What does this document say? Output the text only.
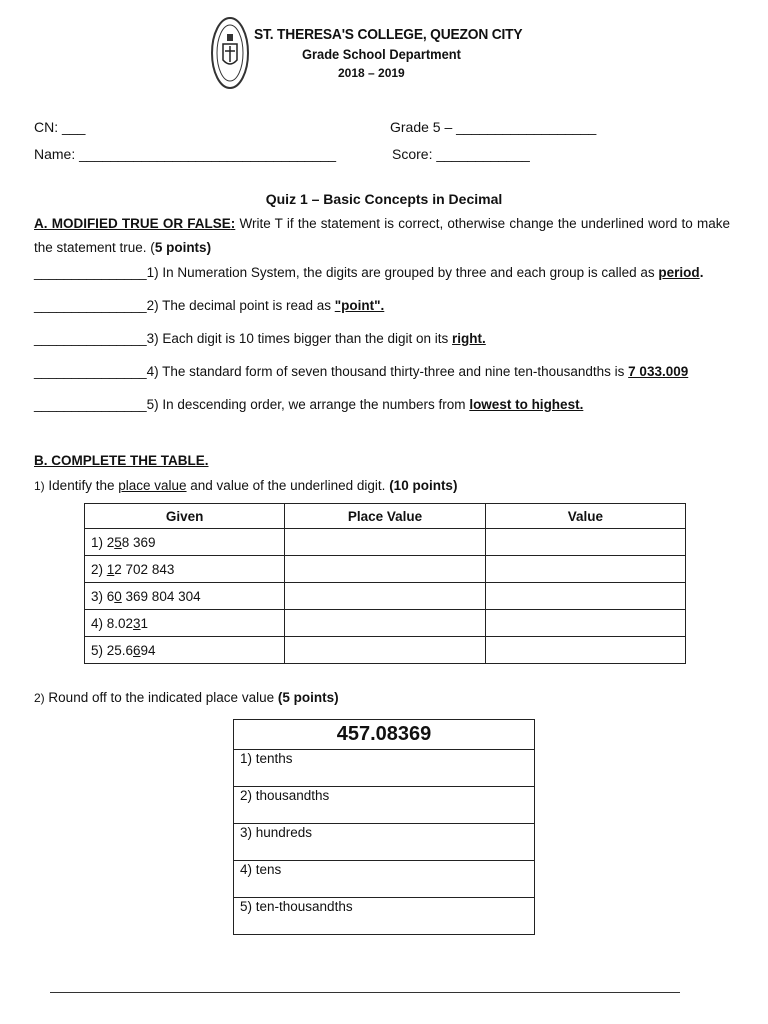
ST. THERESA'S COLLEGE, QUEZON CITY
Grade School Department
2018 – 2019
CN: ___	Grade 5 – __________________
Name: _________________________________	Score: ____________
Quiz 1 – Basic Concepts in Decimal
A. MODIFIED TRUE OR FALSE: Write T if the statement is correct, otherwise change the underlined word to make the statement true. (5 points)
_______________1) In Numeration System, the digits are grouped by three and each group is called as period.
_______________2) The decimal point is read as "point".
_______________3) Each digit is 10 times bigger than the digit on its right.
_______________4) The standard form of seven thousand thirty-three and nine ten-thousandths is 7 033.009
_______________5) In descending order, we arrange the numbers from lowest to highest.
B. COMPLETE THE TABLE.
1) Identify the place value and value of the underlined digit. (10 points)
Given	Place Value	Value
1) 258 369		
2) 12 702 843		
3) 60 369 804 304		
4) 8.0231		
5) 25.6694		
2) Round off to the indicated place value (5 points)
457.08369
1) tenths
2) thousandths
3) hundreds
4) tens
5) ten-thousandths
